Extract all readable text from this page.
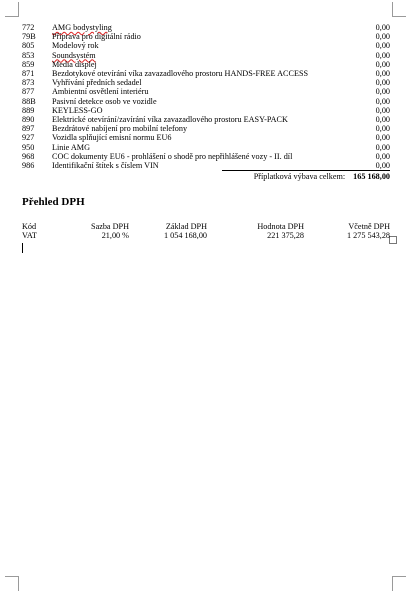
772	AMG bodystyling	0,00
79B	Příprava pro digitální rádio	0,00
805	Modelový rok	0,00
853	Soundsystém	0,00
859	Media displej	0,00
871	Bezdotykové otevírání víka zavazadlového prostoru HANDS-FREE ACCESS	0,00
873	Vyhřívání předních sedadel	0,00
877	Ambientní osvětlení interiéru	0,00
88B	Pasivní detekce osob ve vozidle	0,00
889	KEYLESS-GO	0,00
890	Elektrické otevírání/zavírání víka zavazadlového prostoru EASY-PACK	0,00
897	Bezdrátové nabíjení pro mobilní telefony	0,00
927	Vozidla splňující emisní normu EU6	0,00
950	Linie AMG	0,00
968	COC dokumenty EU6 - prohlášení o shodě pro nepřihlášené vozy - II. díl	0,00
986	Identifikační štítek s číslem VIN	0,00
Příplatková výbava celkem: 165 168,00
Přehled DPH
Kód	Sazba DPH	Základ DPH	Hodnota DPH	Včetně DPH
VAT	21,00 %	1 054 168,00	221 375,28	1 275 543,28
